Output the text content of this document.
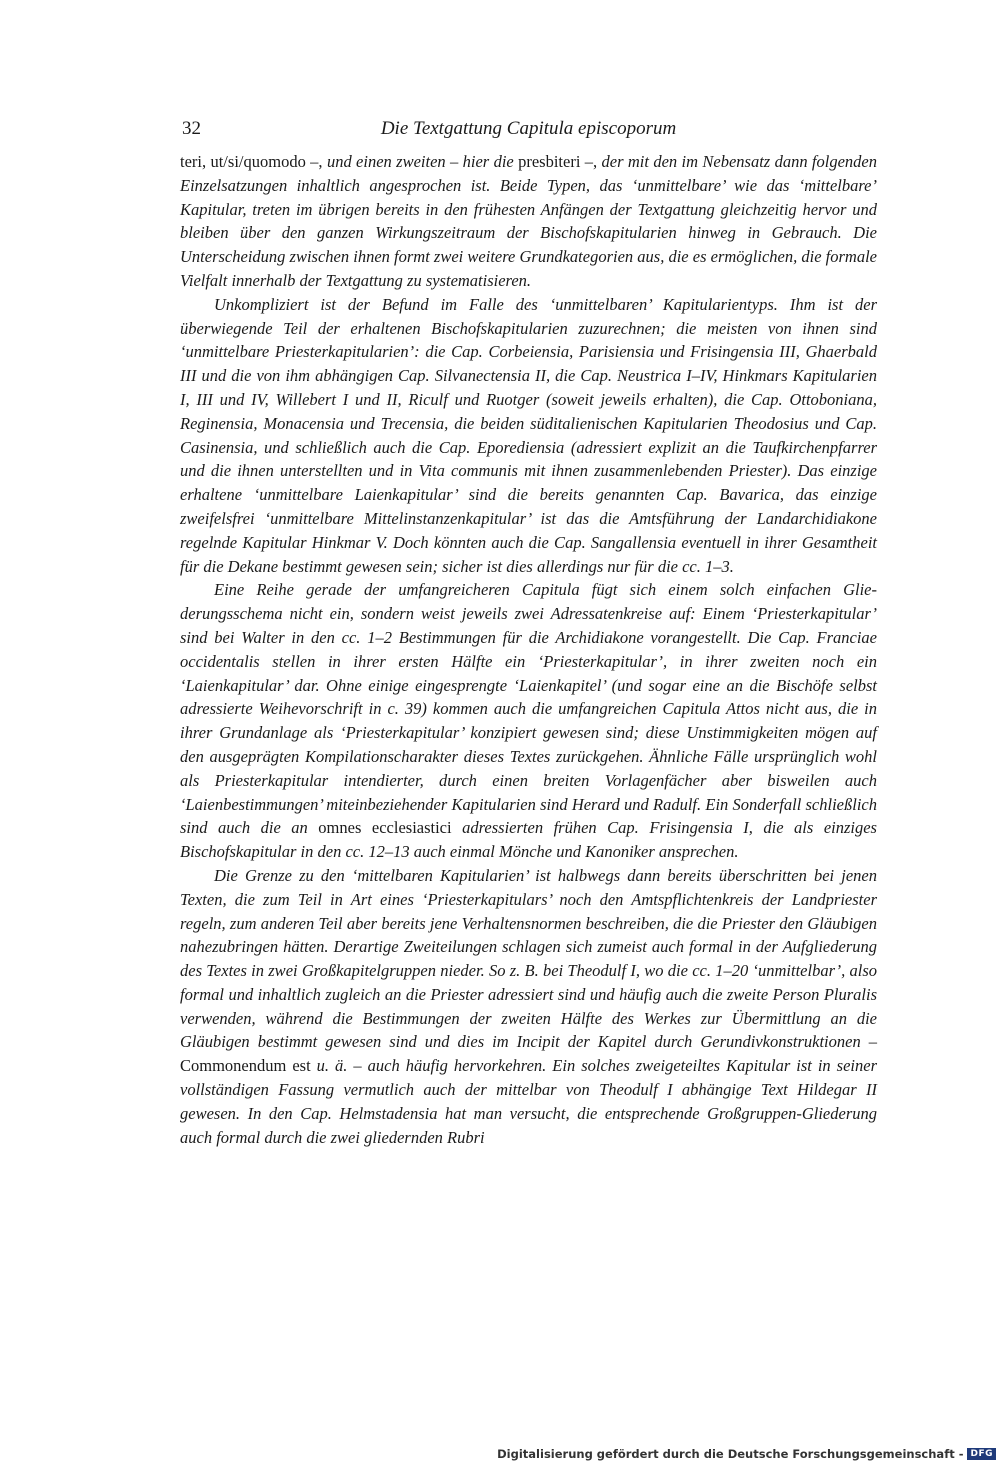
32	Die Textgattung Capitula episcoporum

teri, ut/si/quomodo –, und einen zweiten – hier die presbiteri –, der mit den im Nebensatz dann folgenden Einzelsatzungen inhaltlich angesprochen ist. Beide Typen, das ‘unmittelbare’ wie das ‘mittelbare’ Kapitular, treten im übrigen bereits in den frühesten Anfängen der Textgattung gleichzeitig hervor und bleiben über den ganzen Wirkungszeitraum der Bischofskapitularien hinweg in Gebrauch. Die Unterscheidung zwischen ihnen formt zwei weitere Grundkategorien aus, die es ermöglichen, die formale Vielfalt innerhalb der Textgattung zu systematisieren.

Unkompliziert ist der Befund im Falle des ‘unmittelbaren’ Kapitularientyps. Ihm ist der überwiegende Teil der erhaltenen Bischofskapitularien zuzurechnen; die meisten von ihnen sind ‘unmittelbare Priesterkapitularien’: die Cap. Corbeiensia, Parisiensia und Frisingensia III, Ghaerbald III und die von ihm abhängigen Cap. Silvanectensia II, die Cap. Neustrica I–IV, Hinkmars Kapitularien I, III und IV, Willebert I und II, Riculf und Ruotger (soweit jeweils erhalten), die Cap. Ottoboniana, Reginensia, Monacensia und Trecensia, die beiden süditalienischen Kapitularien Theodosius und Cap. Casinensia, und schließlich auch die Cap. Eporediensia (adressiert explizit an die Taufkirchenpfarrer und die ihnen unterstellten und in Vita communis mit ihnen zusammenlebenden Priester). Das einzige erhaltene ‘unmittelbare Laienkapitular’ sind die bereits genannten Cap. Bavarica, das einzige zweifelsfrei ‘unmittelbare Mittelinstanzenkapitular’ ist das die Amtsführung der Landarchidiakone regelnde Kapitular Hinkmar V. Doch könnten auch die Cap. Sangallensia eventuell in ihrer Gesamtheit für die Dekane bestimmt gewesen sein; sicher ist dies allerdings nur für die cc. 1–3.

Eine Reihe gerade der umfangreicheren Capitula fügt sich einem solch einfachen Gliederungsschema nicht ein, sondern weist jeweils zwei Adressatenkreise auf: Einem ‘Priesterkapitular’ sind bei Walter in den cc. 1–2 Bestimmungen für die Archidiakone vorangestellt. Die Cap. Franciae occidentalis stellen in ihrer ersten Hälfte ein ‘Priesterkapitular’, in ihrer zweiten noch ein ‘Laienkapitular’ dar. Ohne einige eingesprengte ‘Laienkapitel’ (und sogar eine an die Bischöfe selbst adressierte Weihevorschrift in c. 39) kommen auch die umfangreichen Capitula Attos nicht aus, die in ihrer Grundanlage als ‘Priesterkapitular’ konzipiert gewesen sind; diese Unstimmigkeiten mögen auf den ausgeprägten Kompilationscharakter dieses Textes zurückgehen. Ähnliche Fälle ursprünglich wohl als Priesterkapitular intendierter, durch einen breiten Vorlagenfächer aber bisweilen auch ‘Laienbestimmungen’ miteinbeziehender Kapitularien sind Herard und Radulf. Ein Sonderfall schließlich sind auch die an omnes ecclesiastici adressierten frühen Cap. Frisingensia I, die als einziges Bischofskapitular in den cc. 12–13 auch einmal Mönche und Kanoniker ansprechen.

Die Grenze zu den ‘mittelbaren Kapitularien’ ist halbwegs dann bereits überschritten bei jenen Texten, die zum Teil in Art eines ‘Priesterkapitulars’ noch den Amtspflichtenkreis der Landpriester regeln, zum anderen Teil aber bereits jene Verhaltensnormen beschreiben, die die Priester den Gläubigen nahezubringen hätten. Derartige Zweiteilungen schlagen sich zumeist auch formal in der Aufgliederung des Textes in zwei Großkapitelgruppen nieder. So z. B. bei Theodulf I, wo die cc. 1–20 ‘unmittelbar’, also formal und inhaltlich zugleich an die Priester adressiert sind und häufig auch die zweite Person Pluralis verwenden, während die Bestimmungen der zweiten Hälfte des Werkes zur Übermittlung an die Gläubigen bestimmt gewesen sind und dies im Incipit der Kapitel durch Gerundivkonstruktionen – Commonendum est u. ä. – auch häufig hervorkehren. Ein solches zweigeteiltes Kapitular ist in seiner vollständigen Fassung vermutlich auch der mittelbar von Theodulf I abhängige Text Hildegar II gewesen. In den Cap. Helmstadensia hat man versucht, die entsprechende Großgruppen-Gliederung auch formal durch die zwei gliedernden Rubri

Digitalisierung gefördert durch die Deutsche Forschungsgemeinschaft - DFG
